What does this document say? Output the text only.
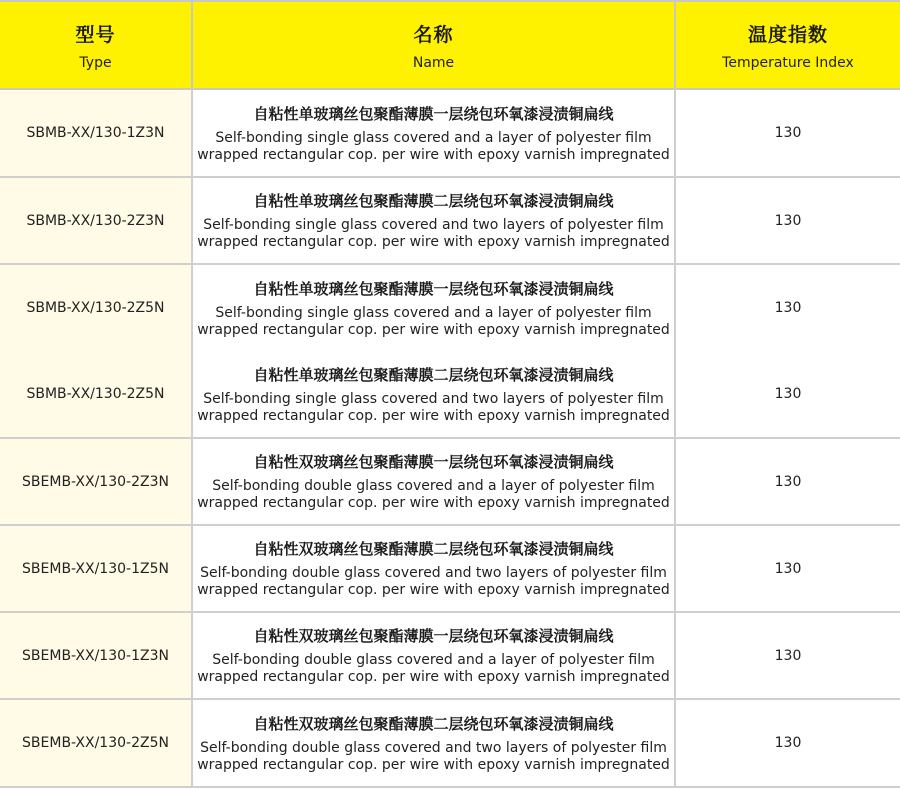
型号
Type
名称
Name
温度指数
Temperature Index
SBMB-XX/130-1Z3N
自粘性单玻璃丝包聚酯薄膜一层绕包环氧漆浸渍铜扁线
Self-bonding single glass covered and a layer of polyester film
wrapped rectangular cop. per wire with epoxy varnish impregnated
130
SBMB-XX/130-2Z3N
自粘性单玻璃丝包聚酯薄膜二层绕包环氧漆浸渍铜扁线
Self-bonding single glass covered and two layers of polyester film
wrapped rectangular cop. per wire with epoxy varnish impregnated
130
SBMB-XX/130-2Z5N
自粘性单玻璃丝包聚酯薄膜一层绕包环氧漆浸渍铜扁线
Self-bonding single glass covered and a layer of polyester film
wrapped rectangular cop. per wire with epoxy varnish impregnated
130
SBMB-XX/130-2Z5N
自粘性单玻璃丝包聚酯薄膜二层绕包环氧漆浸渍铜扁线
Self-bonding single glass covered and two layers of polyester film
wrapped rectangular cop. per wire with epoxy varnish impregnated
130
SBEMB-XX/130-2Z3N
自粘性双玻璃丝包聚酯薄膜一层绕包环氧漆浸渍铜扁线
Self-bonding double glass covered and a layer of polyester film
wrapped rectangular cop. per wire with epoxy varnish impregnated
130
SBEMB-XX/130-1Z5N
自粘性双玻璃丝包聚酯薄膜二层绕包环氧漆浸渍铜扁线
Self-bonding double glass covered and two layers of polyester film
wrapped rectangular cop. per wire with epoxy varnish impregnated
130
SBEMB-XX/130-1Z3N
自粘性双玻璃丝包聚酯薄膜一层绕包环氧漆浸渍铜扁线
Self-bonding double glass covered and a layer of polyester film
wrapped rectangular cop. per wire with epoxy varnish impregnated
130
SBEMB-XX/130-2Z5N
自粘性双玻璃丝包聚酯薄膜二层绕包环氧漆浸渍铜扁线
Self-bonding double glass covered and two layers of polyester film
wrapped rectangular cop. per wire with epoxy varnish impregnated
130
